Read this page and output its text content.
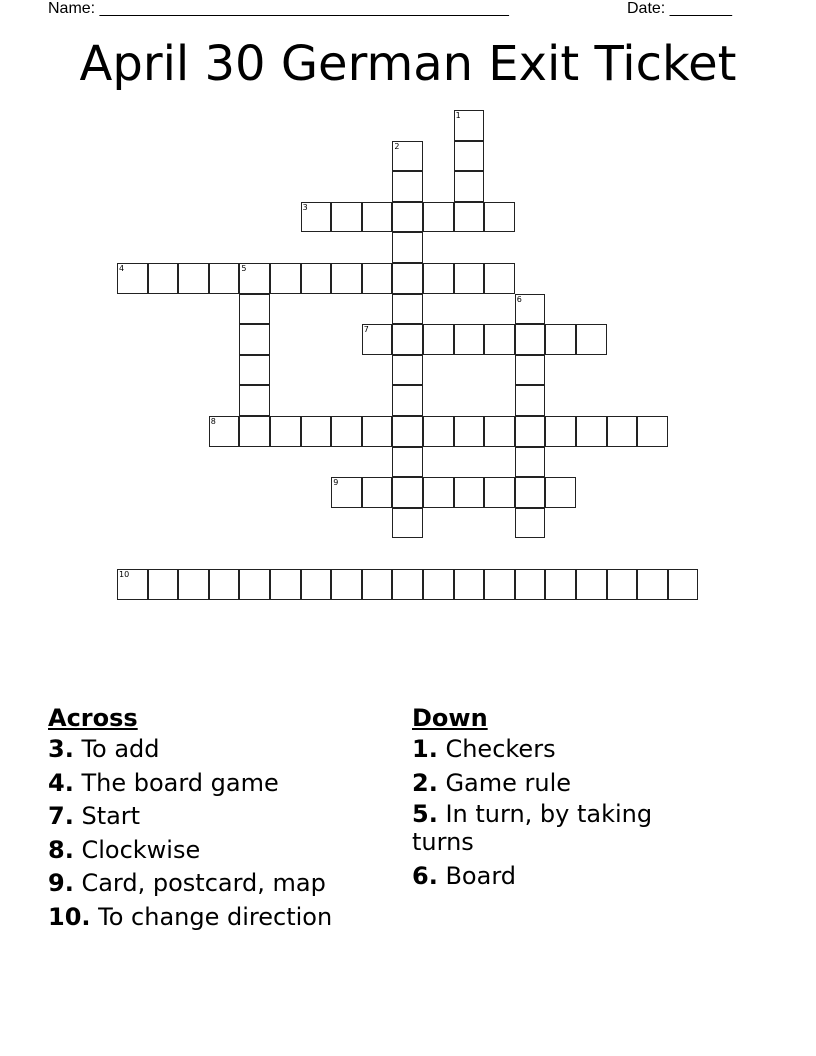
Name: ______________________________________________	Date: _______
April 30 German Exit Ticket
1
2
3
4	5
6
7
8
9
10
Across
3. To add
4. The board game
7. Start
8. Clockwise
9. Card, postcard, map
10. To change direction
Down
1. Checkers
2. Game rule
5. In turn, by taking turns
6. Board
